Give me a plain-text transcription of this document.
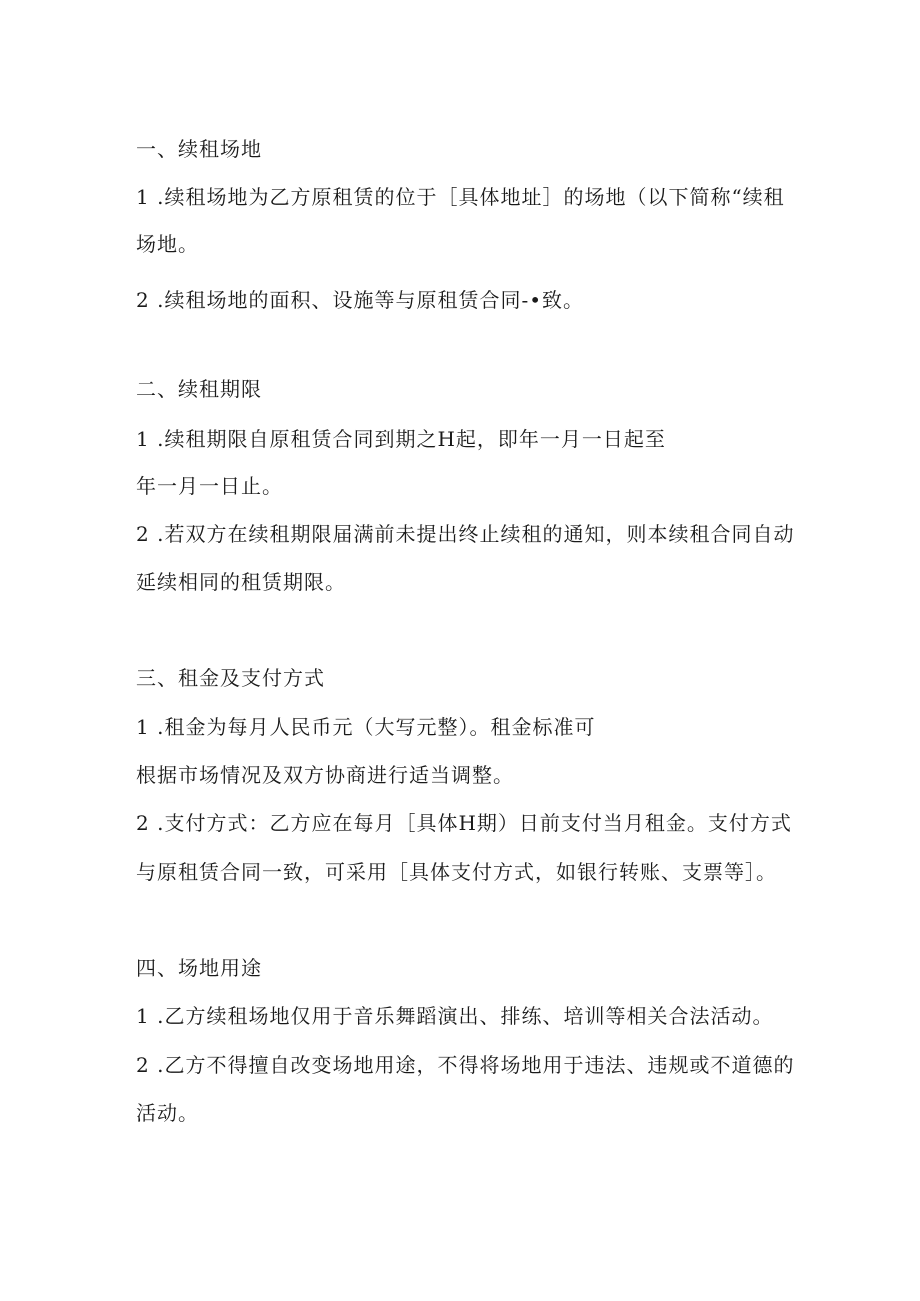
一、续租场地
1 .续租场地为乙方原租赁的位于［具体地址］的场地（以下简称“续租
场地。
2 .续租场地的面积、设施等与原租赁合同-•致。
二、续租期限
1 .续租期限自原租赁合同到期之H起，即年一月一日起至
年一月一日止。
2 .若双方在续租期限届满前未提出终止续租的通知，则本续租合同自动
延续相同的租赁期限。
三、租金及支付方式
1 .租金为每月人民币元（大写元整）。租金标准可
根据市场情况及双方协商进行适当调整。
2 .支付方式：乙方应在每月［具体H期）日前支付当月租金。支付方式
与原租赁合同一致，可采用［具体支付方式，如银行转账、支票等］。
四、场地用途
1 .乙方续租场地仅用于音乐舞蹈演出、排练、培训等相关合法活动。
2 .乙方不得擅自改变场地用途，不得将场地用于违法、违规或不道德的
活动。
